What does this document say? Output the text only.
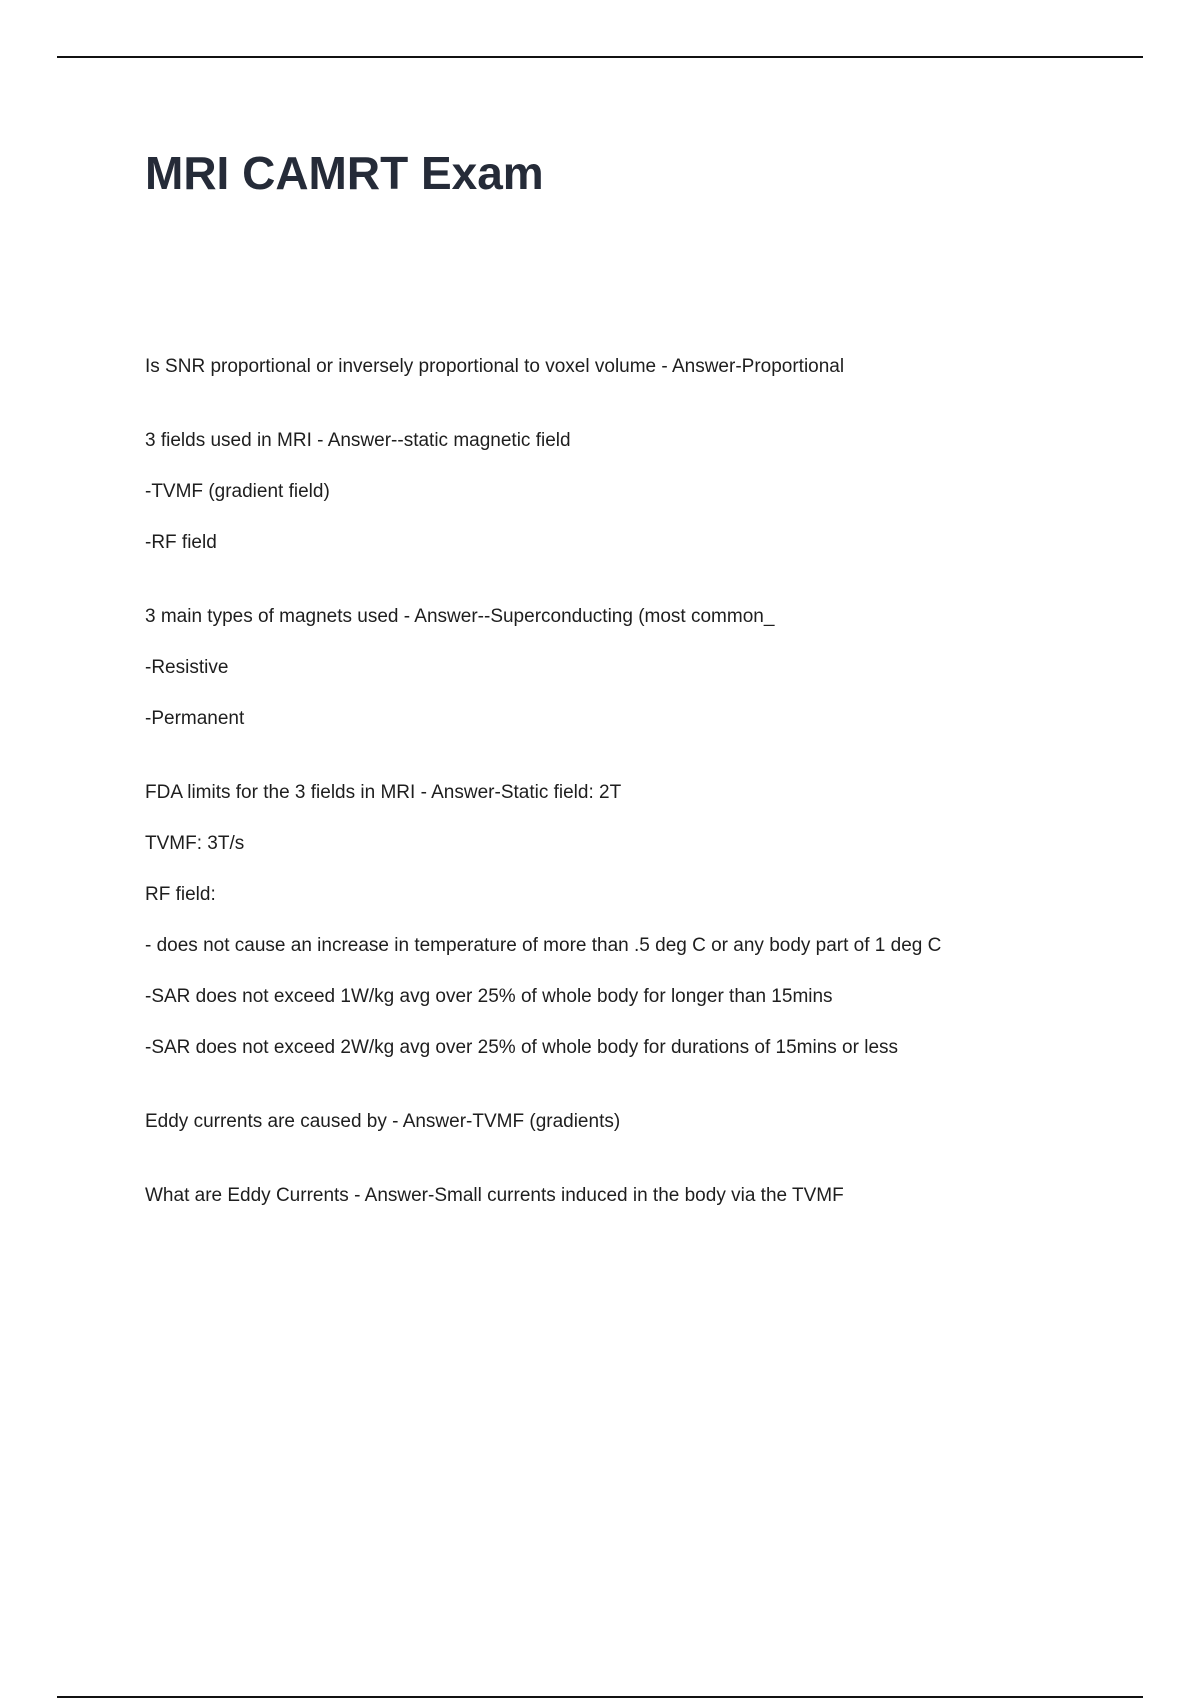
MRI CAMRT Exam

Is SNR proportional or inversely proportional to voxel volume - Answer-Proportional

3 fields used in MRI - Answer--static magnetic field

-TVMF (gradient field)

-RF field

3 main types of magnets used - Answer--Superconducting (most common_

-Resistive

-Permanent

FDA limits for the 3 fields in MRI - Answer-Static field: 2T

TVMF: 3T/s

RF field:

- does not cause an increase in temperature of more than .5 deg C or any body part of 1 deg C

-SAR does not exceed 1W/kg avg over 25% of whole body for longer than 15mins

-SAR does not exceed 2W/kg avg over 25% of whole body for durations of 15mins or less

Eddy currents are caused by - Answer-TVMF (gradients)

What are Eddy Currents - Answer-Small currents induced in the body via the TVMF
